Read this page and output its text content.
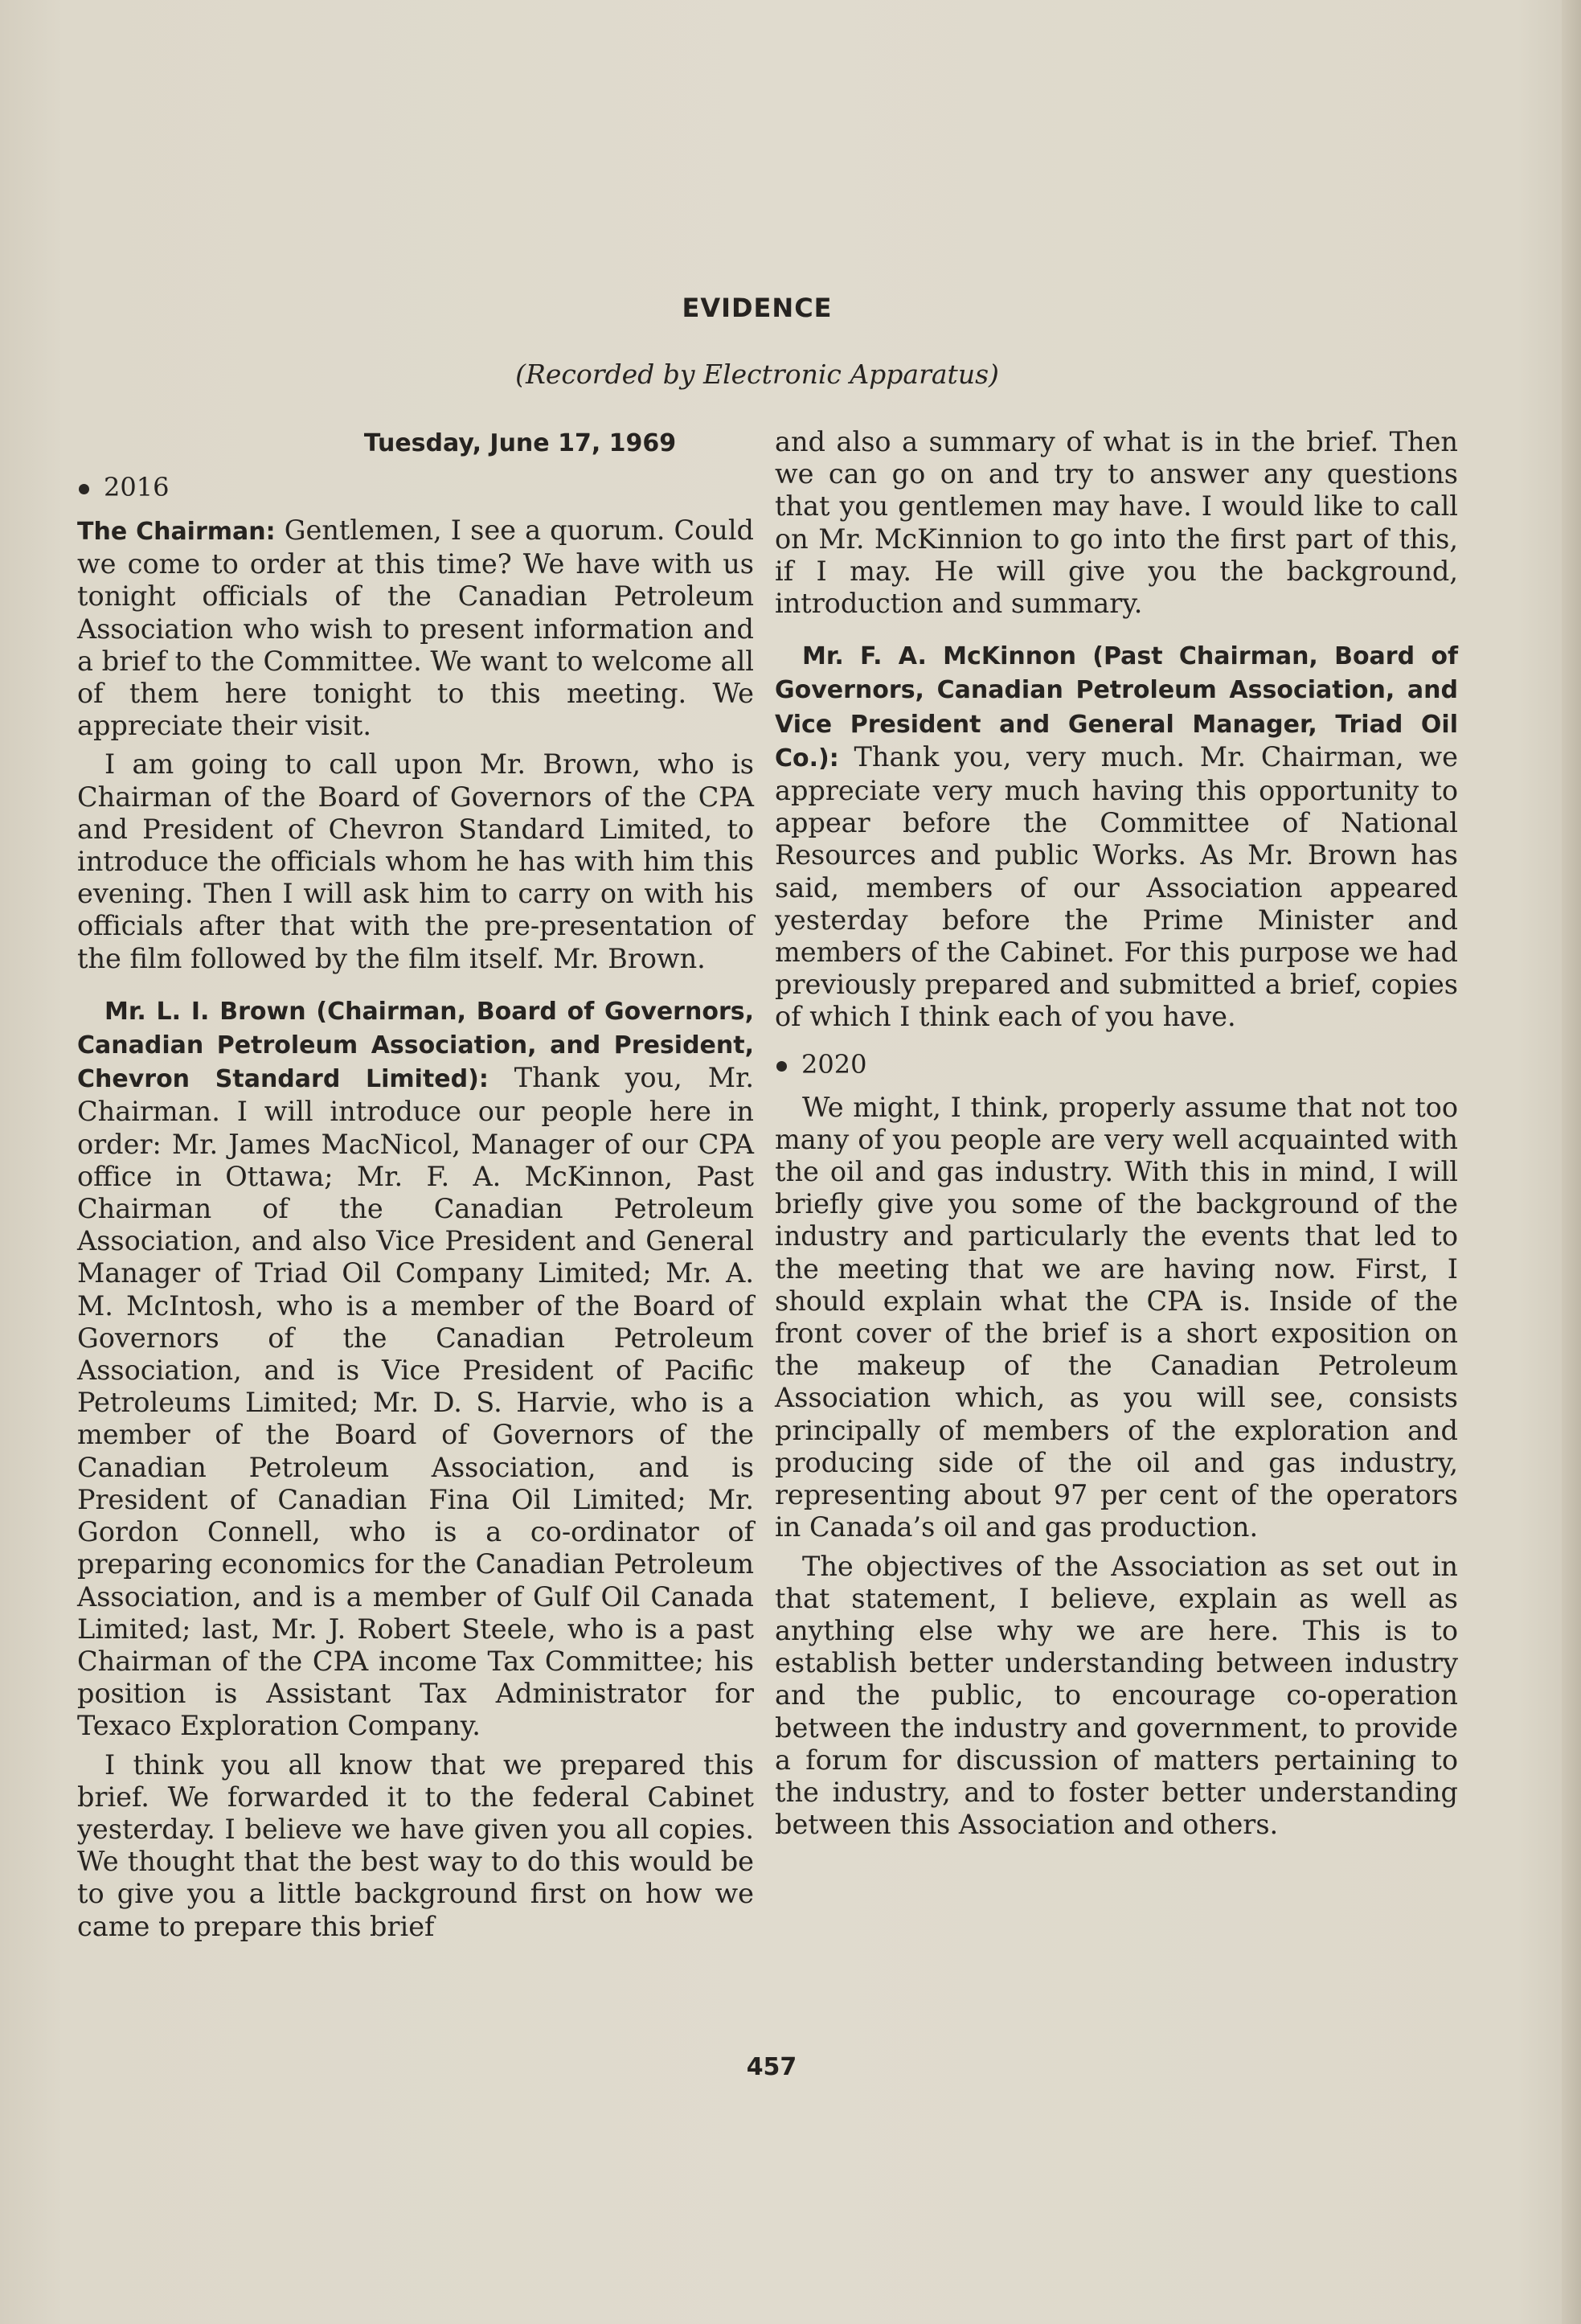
EVIDENCE
(Recorded by Electronic Apparatus)
Tuesday, June 17, 1969
2016

The Chairman: Gentlemen, I see a quorum. Could we come to order at this time? We have with us tonight officials of the Canadian Petroleum Association who wish to present information and a brief to the Committee. We want to welcome all of them here tonight to this meeting. We appreciate their visit.

I am going to call upon Mr. Brown, who is Chairman of the Board of Governors of the CPA and President of Chevron Standard Limited, to introduce the officials whom he has with him this evening. Then I will ask him to carry on with his officials after that with the pre-presentation of the film followed by the film itself. Mr. Brown.

Mr. L. I. Brown (Chairman, Board of Governors, Canadian Petroleum Association, and President, Chevron Standard Limited): Thank you, Mr. Chairman. I will introduce our people here in order: Mr. James MacNicol, Manager of our CPA office in Ottawa; Mr. F. A. McKinnon, Past Chairman of the Canadian Petroleum Association, and also Vice President and General Manager of Triad Oil Company Limited; Mr. A. M. McIntosh, who is a member of the Board of Governors of the Canadian Petroleum Association, and is Vice President of Pacific Petroleums Limited; Mr. D. S. Harvie, who is a member of the Board of Governors of the Canadian Petroleum Association, and is President of Canadian Fina Oil Limited; Mr. Gordon Connell, who is a co-ordinator of preparing economics for the Canadian Petroleum Association, and is a member of Gulf Oil Canada Limited; last, Mr. J. Robert Steele, who is a past Chairman of the CPA income Tax Committee; his position is Assistant Tax Administrator for Texaco Exploration Company.

I think you all know that we prepared this brief. We forwarded it to the federal Cabinet yesterday. I believe we have given you all copies. We thought that the best way to do this would be to give you a little background first on how we came to prepare this brief

and also a summary of what is in the brief. Then we can go on and try to answer any questions that you gentlemen may have. I would like to call on Mr. McKinnion to go into the first part of this, if I may. He will give you the background, introduction and summary.

Mr. F. A. McKinnon (Past Chairman, Board of Governors, Canadian Petroleum Association, and Vice President and General Manager, Triad Oil Co.): Thank you, very much. Mr. Chairman, we appreciate very much having this opportunity to appear before the Committee of National Resources and public Works. As Mr. Brown has said, members of our Association appeared yesterday before the Prime Minister and members of the Cabinet. For this purpose we had previously prepared and submitted a brief, copies of which I think each of you have.

2020

We might, I think, properly assume that not too many of you people are very well acquainted with the oil and gas industry. With this in mind, I will briefly give you some of the background of the industry and particularly the events that led to the meeting that we are having now. First, I should explain what the CPA is. Inside of the front cover of the brief is a short exposition on the makeup of the Canadian Petroleum Association which, as you will see, consists principally of members of the exploration and producing side of the oil and gas industry, representing about 97 per cent of the operators in Canada’s oil and gas production.

The objectives of the Association as set out in that statement, I believe, explain as well as anything else why we are here. This is to establish better understanding between industry and the public, to encourage co-operation between the industry and government, to provide a forum for discussion of matters pertaining to the industry, and to foster better understanding between this Association and others.

457
